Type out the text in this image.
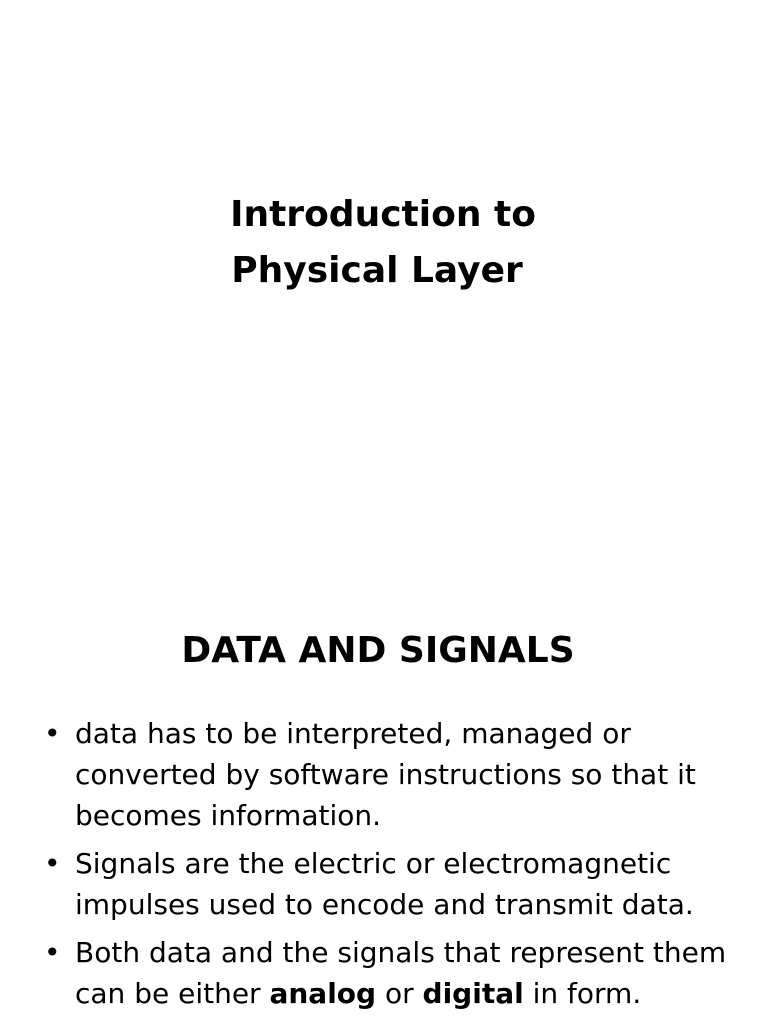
Introduction to
Physical Layer
DATA AND SIGNALS
• data has to be interpreted, managed or converted by software instructions so that it becomes information.
• Signals are the electric or electromagnetic impulses used to encode and transmit data.
• Both data and the signals that represent them can be either analog or digital in form.
